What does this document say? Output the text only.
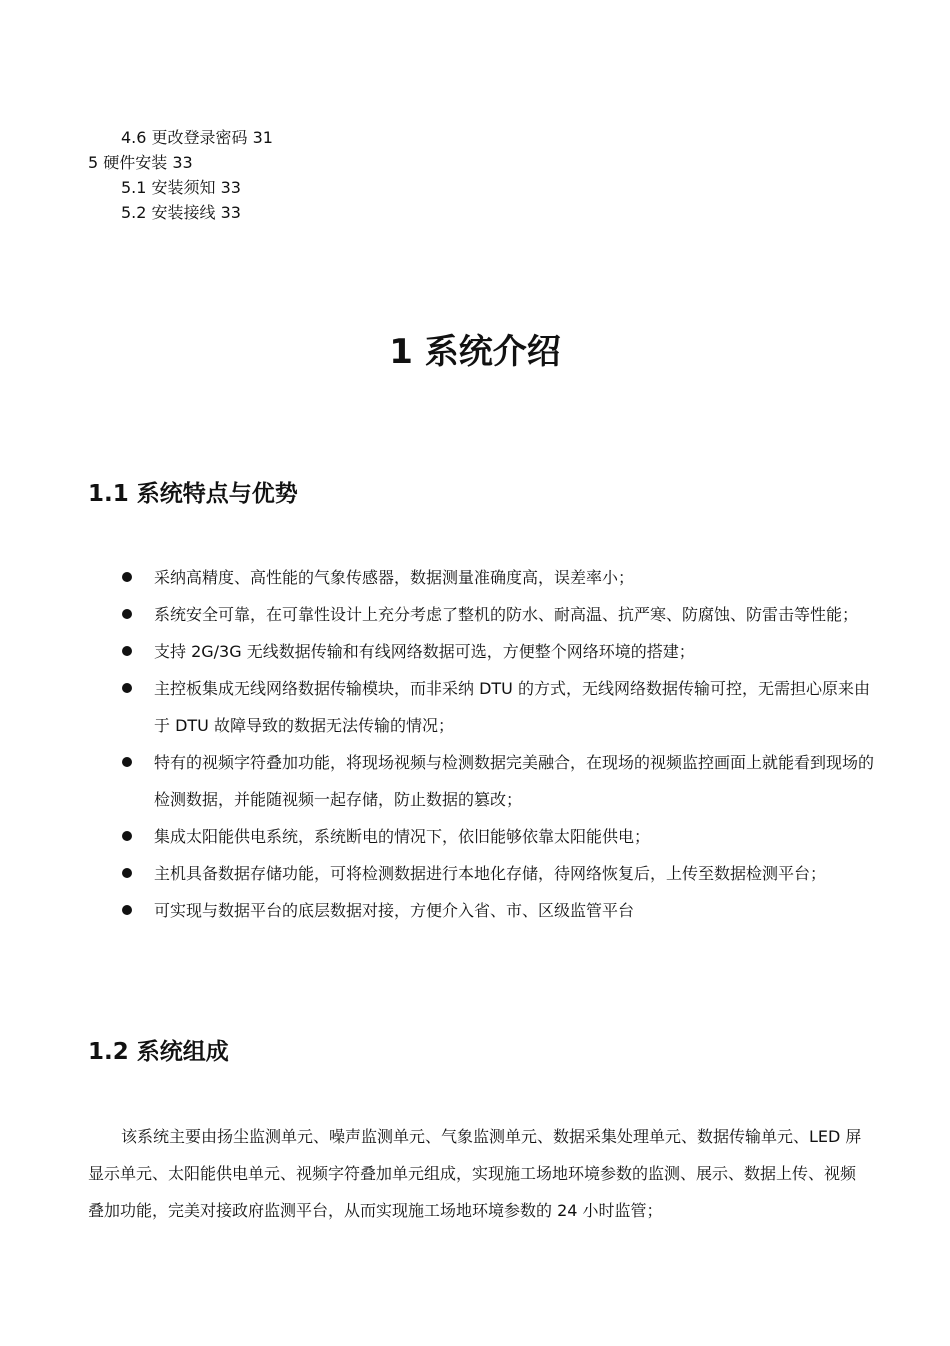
4.6 更改登录密码 31
5 硬件安装 33
5.1 安装须知 33
5.2 安装接线 33
1 系统介绍
1.1 系统特点与优势
采纳高精度、高性能的气象传感器，数据测量准确度高，误差率小；
系统安全可靠，在可靠性设计上充分考虑了整机的防水、耐高温、抗严寒、防腐蚀、防雷击等性能；
支持 2G/3G 无线数据传输和有线网络数据可选，方便整个网络环境的搭建；
主控板集成无线网络数据传输模块，而非采纳 DTU 的方式，无线网络数据传输可控，无需担心原来由于 DTU 故障导致的数据无法传输的情况；
特有的视频字符叠加功能，将现场视频与检测数据完美融合，在现场的视频监控画面上就能看到现场的检测数据，并能随视频一起存储，防止数据的篡改；
集成太阳能供电系统，系统断电的情况下，依旧能够依靠太阳能供电；
主机具备数据存储功能，可将检测数据进行本地化存储，待网络恢复后，上传至数据检测平台；
可实现与数据平台的底层数据对接，方便介入省、市、区级监管平台
1.2 系统组成

该系统主要由扬尘监测单元、噪声监测单元、气象监测单元、数据采集处理单元、数据传输单元、LED 屏显示单元、太阳能供电单元、视频字符叠加单元组成，实现施工场地环境参数的监测、展示、数据上传、视频叠加功能，完美对接政府监测平台，从而实现施工场地环境参数的 24 小时监管；
